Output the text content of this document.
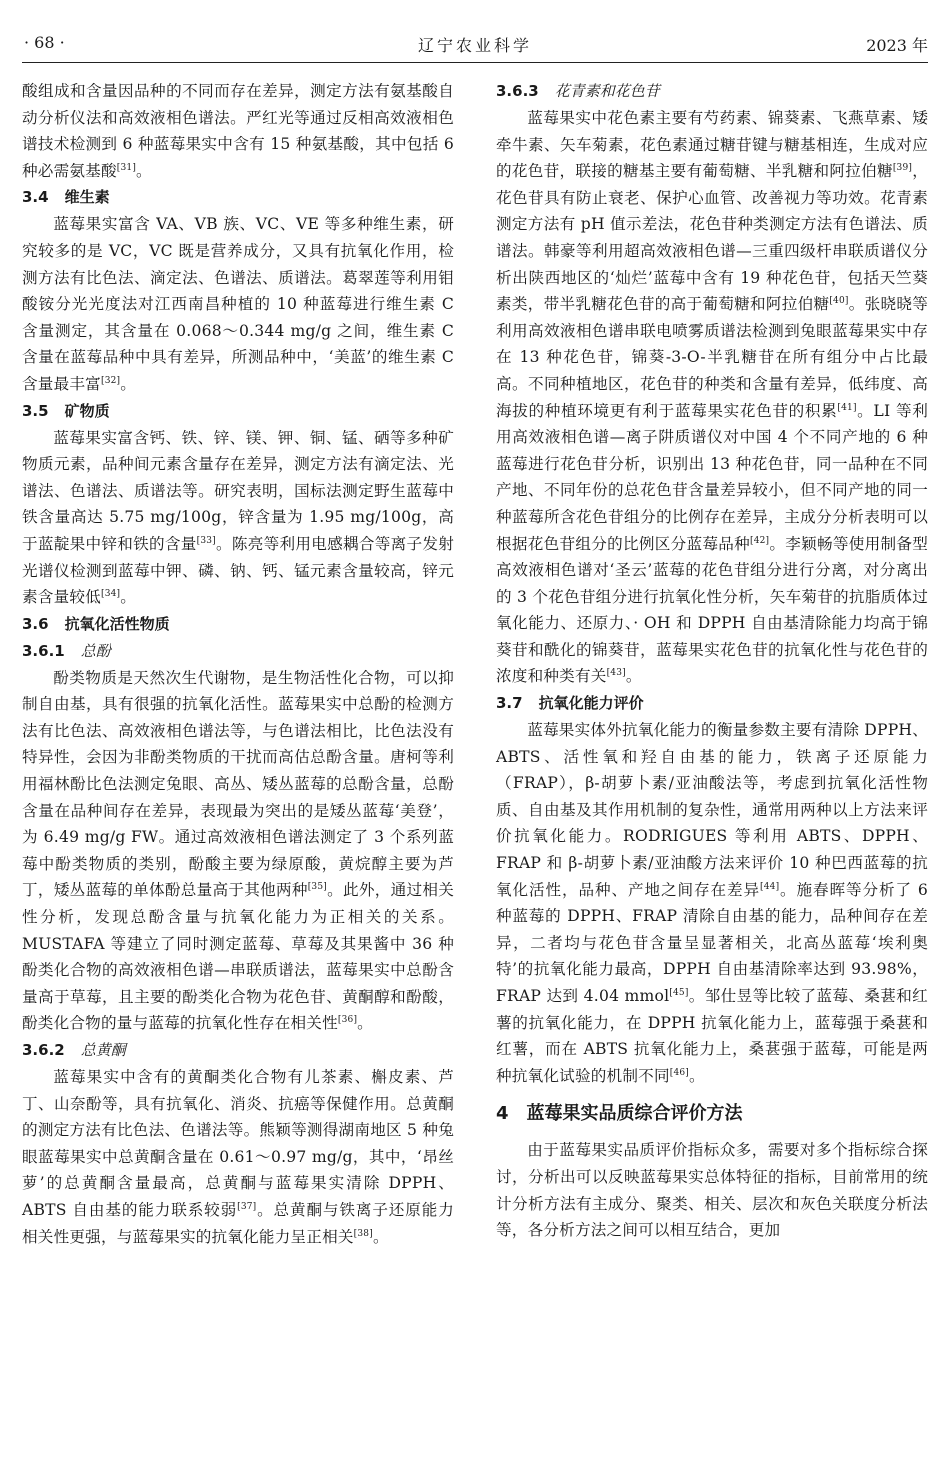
· 68 ·	辽宁农业科学	2023 年

酸组成和含量因品种的不同而存在差异，测定方法有氨基酸自动分析仪法和高效液相色谱法。严红光等通过反相高效液相色谱技术检测到 6 种蓝莓果实中含有 15 种氨基酸，其中包括 6 种必需氨基酸[31]。

3.4 维生素

蓝莓果实富含 VA、VB 族、VC、VE 等多种维生素，研究较多的是 VC，VC 既是营养成分，又具有抗氧化作用，检测方法有比色法、滴定法、色谱法、质谱法。葛翠莲等利用钼酸铵分光光度法对江西南昌种植的 10 种蓝莓进行维生素 C 含量测定，其含量在 0.068～0.344 mg/g 之间，维生素 C 含量在蓝莓品种中具有差异，所测品种中，‘美蓝’的维生素 C 含量最丰富[32]。

3.5 矿物质

蓝莓果实富含钙、铁、锌、镁、钾、铜、锰、硒等多种矿物质元素，品种间元素含量存在差异，测定方法有滴定法、光谱法、色谱法、质谱法等。研究表明，国标法测定野生蓝莓中铁含量高达 5.75 mg/100g，锌含量为 1.95 mg/100g，高于蓝靛果中锌和铁的含量[33]。陈亮等利用电感耦合等离子发射光谱仪检测到蓝莓中钾、磷、钠、钙、锰元素含量较高，锌元素含量较低[34]。

3.6 抗氧化活性物质
3.6.1 总酚

酚类物质是天然次生代谢物，是生物活性化合物，可以抑制自由基，具有很强的抗氧化活性。蓝莓果实中总酚的检测方法有比色法、高效液相色谱法等，与色谱法相比，比色法没有特异性，会因为非酚类物质的干扰而高估总酚含量。唐柯等利用福林酚比色法测定兔眼、高丛、矮丛蓝莓的总酚含量，总酚含量在品种间存在差异，表现最为突出的是矮丛蓝莓‘美登’，为 6.49 mg/g FW。通过高效液相色谱法测定了 3 个系列蓝莓中酚类物质的类别，酚酸主要为绿原酸，黄烷醇主要为芦丁，矮丛蓝莓的单体酚总量高于其他两种[35]。此外，通过相关性分析，发现总酚含量与抗氧化能力为正相关的关系。MUSTAFA 等建立了同时测定蓝莓、草莓及其果酱中 36 种酚类化合物的高效液相色谱—串联质谱法，蓝莓果实中总酚含量高于草莓，且主要的酚类化合物为花色苷、黄酮醇和酚酸，酚类化合物的量与蓝莓的抗氧化性存在相关性[36]。

3.6.2 总黄酮

蓝莓果实中含有的黄酮类化合物有儿茶素、槲皮素、芦丁、山奈酚等，具有抗氧化、消炎、抗癌等保健作用。总黄酮的测定方法有比色法、色谱法等。熊颖等测得湖南地区 5 种兔眼蓝莓果实中总黄酮含量在 0.61～0.97 mg/g，其中，‘昂丝萝’的总黄酮含量最高，总黄酮与蓝莓果实清除 DPPH、ABTS 自由基的能力联系较弱[37]。总黄酮与铁离子还原能力相关性更强，与蓝莓果实的抗氧化能力呈正相关[38]。

3.6.3 花青素和花色苷

蓝莓果实中花色素主要有芍药素、锦葵素、飞燕草素、矮牵牛素、矢车菊素，花色素通过糖苷键与糖基相连，生成对应的花色苷，联接的糖基主要有葡萄糖、半乳糖和阿拉伯糖[39]，花色苷具有防止衰老、保护心血管、改善视力等功效。花青素测定方法有 pH 值示差法，花色苷种类测定方法有色谱法、质谱法。韩豪等利用超高效液相色谱—三重四级杆串联质谱仪分析出陕西地区的‘灿烂’蓝莓中含有 19 种花色苷，包括天竺葵素类，带半乳糖花色苷的高于葡萄糖和阿拉伯糖[40]。张晓晓等利用高效液相色谱串联电喷雾质谱法检测到兔眼蓝莓果实中存在 13 种花色苷，锦葵-3-O-半乳糖苷在所有组分中占比最高。不同种植地区，花色苷的种类和含量有差异，低纬度、高海拔的种植环境更有利于蓝莓果实花色苷的积累[41]。LI 等利用高效液相色谱—离子阱质谱仪对中国 4 个不同产地的 6 种蓝莓进行花色苷分析，识别出 13 种花色苷，同一品种在不同产地、不同年份的总花色苷含量差异较小，但不同产地的同一种蓝莓所含花色苷组分的比例存在差异，主成分分析表明可以根据花色苷组分的比例区分蓝莓品种[42]。李颖畅等使用制备型高效液相色谱对‘圣云’蓝莓的花色苷组分进行分离，对分离出的 3 个花色苷组分进行抗氧化性分析，矢车菊苷的抗脂质体过氧化能力、还原力、· OH 和 DPPH 自由基清除能力均高于锦葵苷和酰化的锦葵苷，蓝莓果实花色苷的抗氧化性与花色苷的浓度和种类有关[43]。

3.7 抗氧化能力评价

蓝莓果实体外抗氧化能力的衡量参数主要有清除 DPPH、ABTS、活性氧和羟自由基的能力，铁离子还原能力（FRAP），β-胡萝卜素/亚油酸法等，考虑到抗氧化活性物质、自由基及其作用机制的复杂性，通常用两种以上方法来评价抗氧化能力。RODRIGUES 等利用 ABTS、DPPH、FRAP 和 β-胡萝卜素/亚油酸方法来评价 10 种巴西蓝莓的抗氧化活性，品种、产地之间存在差异[44]。施春晖等分析了 6 种蓝莓的 DPPH、FRAP 清除自由基的能力，品种间存在差异，二者均与花色苷含量呈显著相关，北高丛蓝莓‘埃利奥特’的抗氧化能力最高，DPPH 自由基清除率达到 93.98%，FRAP 达到 4.04 mmol[45]。邹仕昱等比较了蓝莓、桑葚和红薯的抗氧化能力，在 DPPH 抗氧化能力上，蓝莓强于桑葚和红薯，而在 ABTS 抗氧化能力上，桑葚强于蓝莓，可能是两种抗氧化试验的机制不同[46]。

4 蓝莓果实品质综合评价方法

由于蓝莓果实品质评价指标众多，需要对多个指标综合探讨，分析出可以反映蓝莓果实总体特征的指标，目前常用的统计分析方法有主成分、聚类、相关、层次和灰色关联度分析法等，各分析方法之间可以相互结合，更加
